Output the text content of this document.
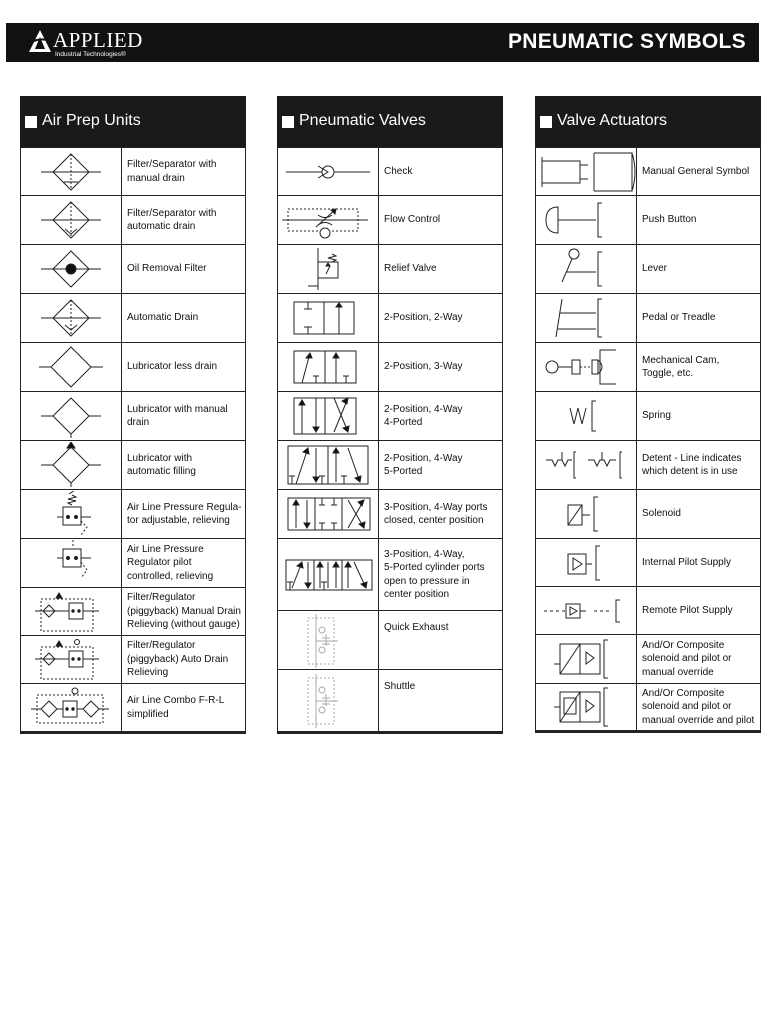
APPLIED
Industrial Technologies®
PNEUMATIC SYMBOLS
Air Prep Units
	Filter/Separator with
manual drain

	Filter/Separator with
automatic drain

	Oil Removal Filter

	Automatic Drain

	Lubricator less drain

	Lubricator with manual
drain

	Lubricator with
automatic filling

	Air Line Pressure Regula-
tor adjustable, relieving

	Air Line Pressure
Regulator pilot
controlled, relieving

	Filter/Regulator
(piggyback) Manual Drain
Relieving (without gauge)

	Filter/Regulator
(piggyback) Auto Drain
Relieving

	Air Line Combo F-R-L
simplified
Pneumatic Valves
	Check

	Flow Control

	Relief Valve

	2-Position, 2-Way

	2-Position, 3-Way

	2-Position, 4-Way
4-Ported

	2-Position, 4-Way
5-Ported

	3-Position, 4-Way ports
closed, center position

	3-Position, 4-Way,
5-Ported cylinder ports
open to pressure in
center position

	Quick Exhaust

	Shuttle
Valve Actuators
	Manual General Symbol

	Push Button

	Lever

	Pedal or Treadle

	Mechanical Cam,
Toggle, etc.

	Spring

	Detent - Line indicates
which detent is in use

	Solenoid

	Internal Pilot Supply

	Remote Pilot Supply

	And/Or Composite
solenoid and pilot or
manual override

	And/Or Composite
solenoid and pilot or
manual override and pilot
